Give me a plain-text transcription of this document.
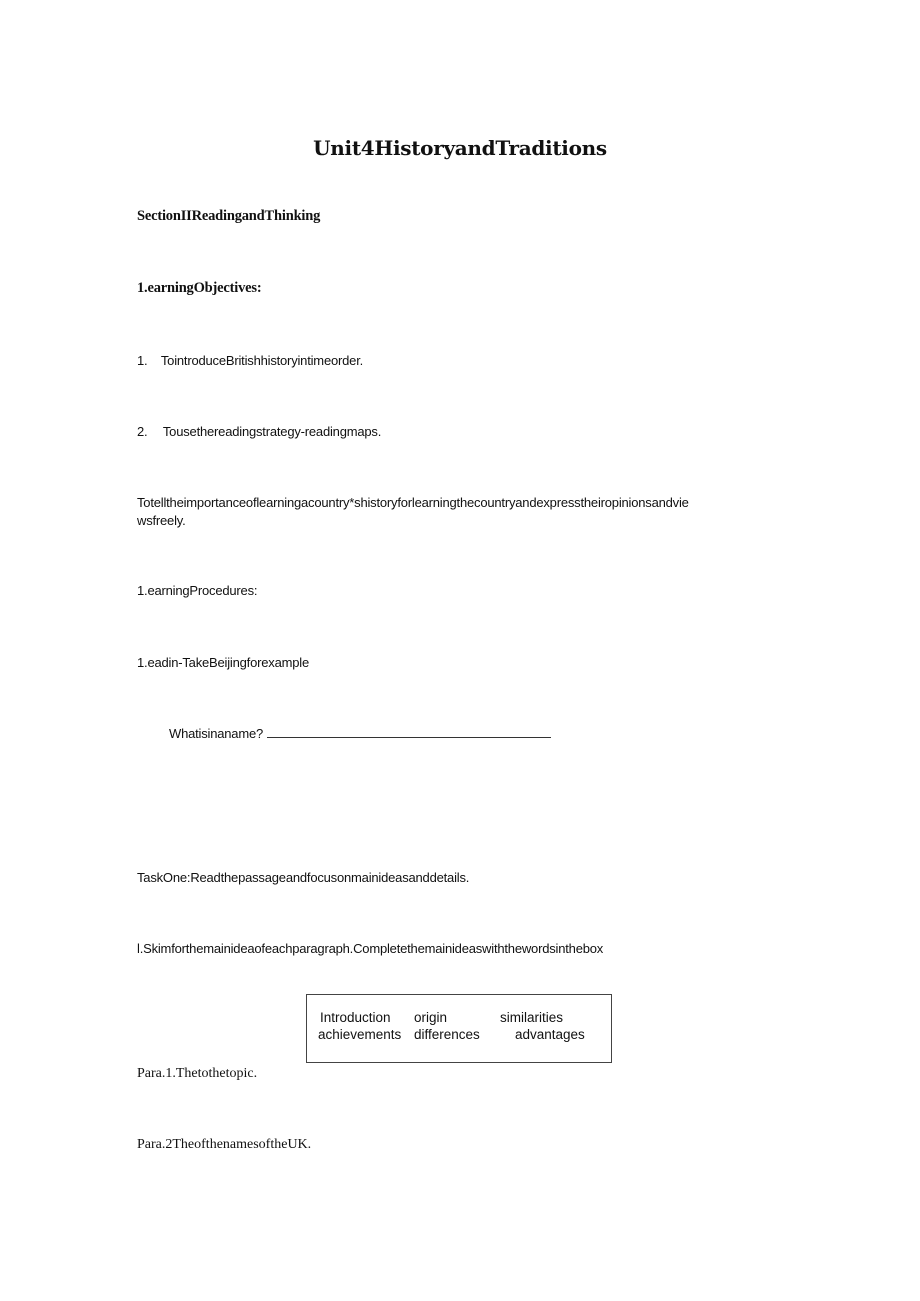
Unit4HistoryandTraditions
SectionIIReadingandThinking
1.earningObjectives:
1. TointroduceBritishhistoryintimeorder.
2. Tousethereadingstrategy-readingmaps.
Totelltheimportanceoflearningacountry*shistoryforlearningthecountryandexpresstheiropinionsandvie
wsfreely.
1.earningProcedures:
1.eadin-TakeBeijingforexample
Whatisinaname?
TaskOne:Readthepassageandfocusonmainideasanddetails.
l.Skimforthemainideaofeachparagraph.Completethemainideaswiththewordsinthebox
Introduction origin	similarities
achievements differences	advantages
Para.1.Thetothetopic.
Para.2TheofthenamesoftheUK.
